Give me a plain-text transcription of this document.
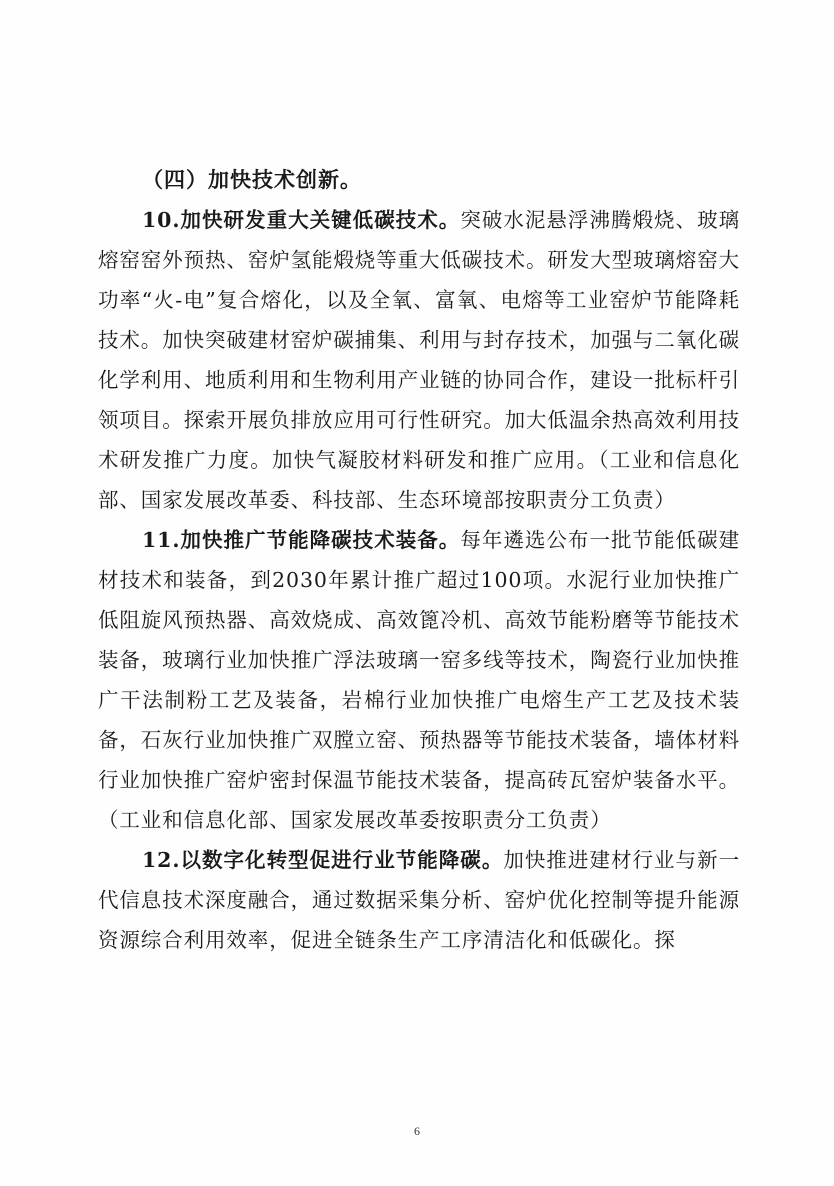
（四）加快技术创新。

10.加快研发重大关键低碳技术。突破水泥悬浮沸腾煅烧、玻璃熔窑窑外预热、窑炉氢能煅烧等重大低碳技术。研发大型玻璃熔窑大功率“火-电”复合熔化，以及全氧、富氧、电熔等工业窑炉节能降耗技术。加快突破建材窑炉碳捕集、利用与封存技术，加强与二氧化碳化学利用、地质利用和生物利用产业链的协同合作，建设一批标杆引领项目。探索开展负排放应用可行性研究。加大低温余热高效利用技术研发推广力度。加快气凝胶材料研发和推广应用。（工业和信息化部、国家发展改革委、科技部、生态环境部按职责分工负责）

11.加快推广节能降碳技术装备。每年遴选公布一批节能低碳建材技术和装备，到2030年累计推广超过100项。水泥行业加快推广低阻旋风预热器、高效烧成、高效篦冷机、高效节能粉磨等节能技术装备，玻璃行业加快推广浮法玻璃一窑多线等技术，陶瓷行业加快推广干法制粉工艺及装备，岩棉行业加快推广电熔生产工艺及技术装备，石灰行业加快推广双膛立窑、预热器等节能技术装备，墙体材料行业加快推广窑炉密封保温节能技术装备，提高砖瓦窑炉装备水平。（工业和信息化部、国家发展改革委按职责分工负责）

12.以数字化转型促进行业节能降碳。加快推进建材行业与新一代信息技术深度融合，通过数据采集分析、窑炉优化控制等提升能源资源综合利用效率，促进全链条生产工序清洁化和低碳化。探

6
